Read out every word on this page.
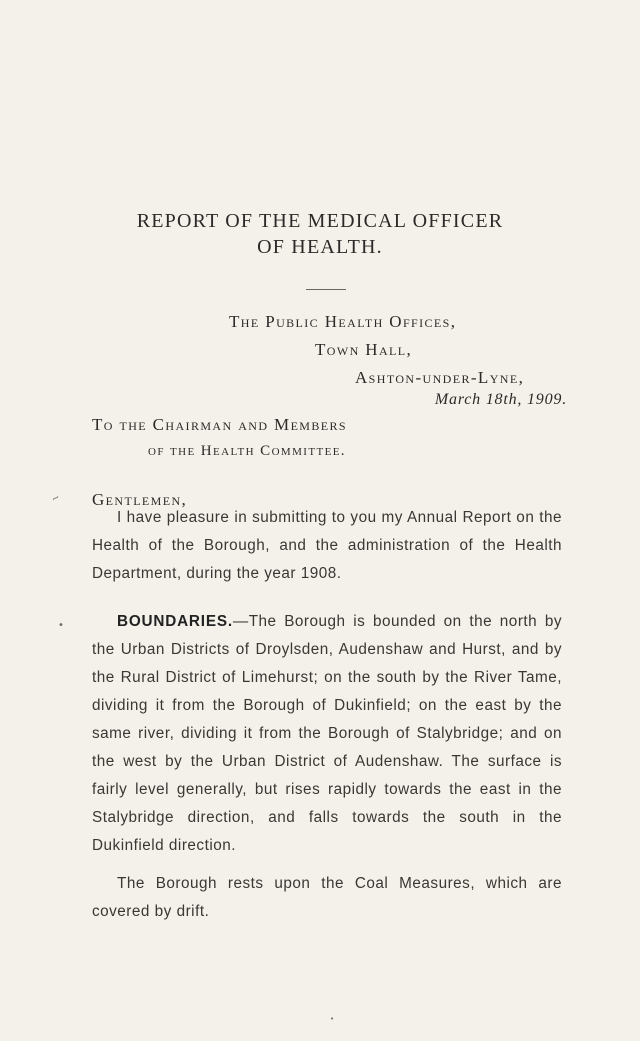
REPORT OF THE MEDICAL OFFICER
OF HEALTH.
The Public Health Offices,
Town Hall,
Ashton-under-Lyne,
March 18th, 1909.
To the Chairman and Members
of the Health Committee.
Gentlemen,

I have pleasure in submitting to you my Annual Report on the Health of the Borough, and the administration of the Health Department, during the year 1908.

BOUNDARIES.—The Borough is bounded on the north by the Urban Districts of Droylsden, Audenshaw and Hurst, and by the Rural District of Limehurst; on the south by the River Tame, dividing it from the Borough of Dukinfield; on the east by the same river, dividing it from the Borough of Stalybridge; and on the west by the Urban District of Audenshaw. The surface is fairly level generally, but rises rapidly towards the east in the Stalybridge direction, and falls towards the south in the Dukinfield direction.

The Borough rests upon the Coal Measures, which are covered by drift.

~
•
•
